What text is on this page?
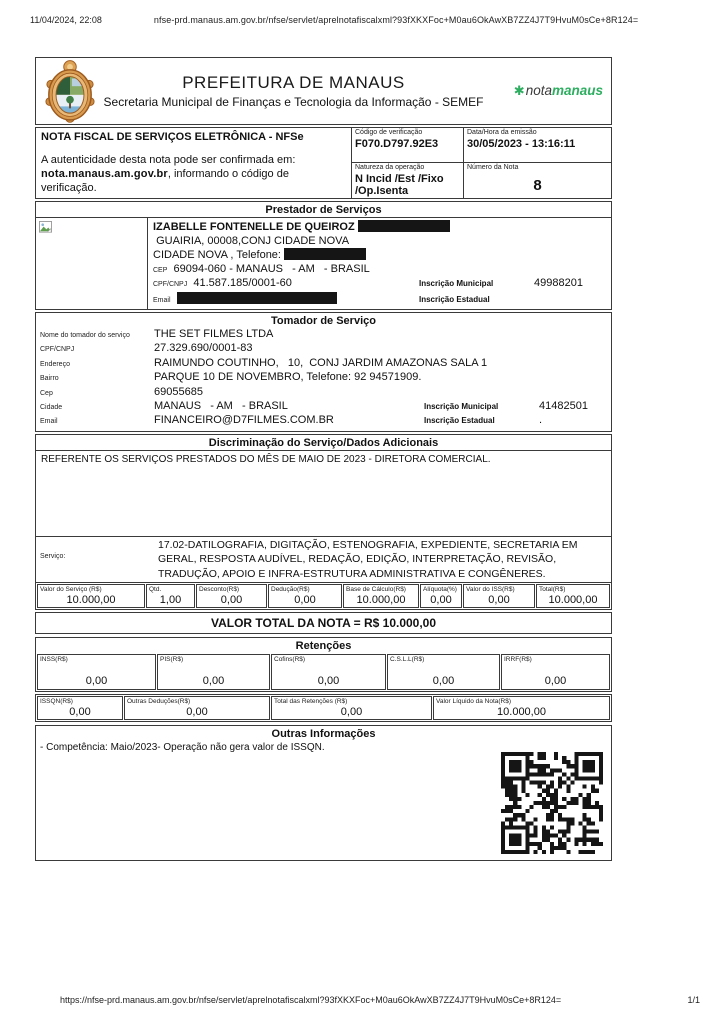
11/04/2024, 22:08	nfse-prd.manaus.am.gov.br/nfse/servlet/aprelnotafiscalxml?93fXKXFoc+M0au6OkAwXB7ZZ4J7T9HvuM0sCe+8R124=
PREFEITURA DE MANAUS
Secretaria Municipal de Finanças e Tecnologia da Informação - SEMEF
✱notamanaus
NOTA FISCAL DE SERVIÇOS ELETRÔNICA - NFSe
A autenticidade desta nota pode ser confirmada em: nota.manaus.am.gov.br, informando o código de verificação.
Código de verificação
F070.D797.92E3
Data/Hora da emissão
30/05/2023 - 13:16:11
Natureza da operação
N Incid /Est /Fixo /Op.Isenta
Número da Nota
8
Prestador de Serviços
IZABELLE FONTENELLE DE QUEIROZ
GUAIRIA, 00008,CONJ CIDADE NOVA
CIDADE NOVA , Telefone:
CEP 69094-060 - MANAUS   - AM   - BRASIL
CPF/CNPJ 41.587.185/0001-60	Inscrição Municipal	49988201
Email	Inscrição Estadual
Tomador de Serviço
Nome do tomador do serviço	THE SET FILMES LTDA
CPF/CNPJ	27.329.690/0001-83
Endereço	RAIMUNDO COUTINHO,   10,  CONJ JARDIM AMAZONAS SALA 1
Bairro	PARQUE 10 DE NOVEMBRO, Telefone: 92 94571909.
Cep	69055685
Cidade	MANAUS   - AM   - BRASIL	Inscrição Municipal	41482501
Email	FINANCEIRO@D7FILMES.COM.BR	Inscrição Estadual	.
Discriminação do Serviço/Dados Adicionais
REFERENTE OS SERVIÇOS PRESTADOS DO MÊS DE MAIO DE 2023 - DIRETORA COMERCIAL.
Serviço:
17.02-DATILOGRAFIA, DIGITAÇÃO, ESTENOGRAFIA, EXPEDIENTE, SECRETARIA EM GERAL, RESPOSTA AUDÍVEL, REDAÇÃO, EDIÇÃO, INTERPRETAÇÃO, REVISÃO, TRADUÇÃO, APOIO E INFRA-ESTRUTURA ADMINISTRATIVA E CONGÊNERES.
Valor do Serviço (R$)
10.000,00
Qtd.
1,00
Desconto(R$)
0,00
Dedução(R$)
0,00
Base de Cálculo(R$)
10.000,00
Alíquota(%)
0,00
Valor do ISS(R$)
0,00
Total(R$)
10.000,00
VALOR TOTAL DA NOTA = R$ 10.000,00
Retenções
INSS(R$)
0,00
PIS(R$)
0,00
Cofins(R$)
0,00
C.S.L.L(R$)
0,00
IRRF(R$)
0,00
ISSQN(R$)
0,00
Outras Deduções(R$)
0,00
Total das Retenções (R$)
0,00
Valor Líquido da Nota(R$)
10.000,00
Outras Informações
- Competência: Maio/2023- Operação não gera valor de ISSQN.
https://nfse-prd.manaus.am.gov.br/nfse/servlet/aprelnotafiscalxml?93fXKXFoc+M0au6OkAwXB7ZZ4J7T9HvuM0sCe+8R124=	1/1
